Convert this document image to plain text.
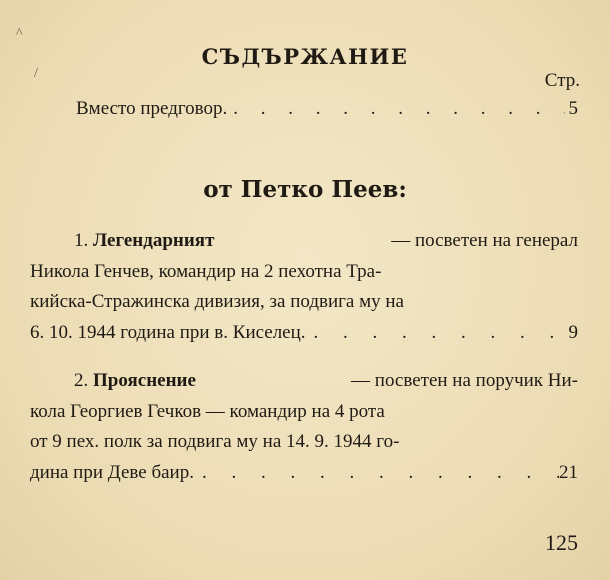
^
/
СЪДЪРЖАНИЕ
Стр.
Вместо предговор. . . .	5
от Петко Пеев:
1. Легендарният	— посветен на генерал
Никола Генчев, командир на 2 пехотна Тра-
кийска-Стражинска дивизия, за подвига му на
6. 10. 1944 година при в. Киселец. . . .	9
2. Прояснение	— посветен на поручик Ни-
кола Георгиев Гечков — командир на 4 рота
от 9 пех. полк за подвига му на 14. 9. 1944 го-
дина при Деве баир. . . .	21
125
